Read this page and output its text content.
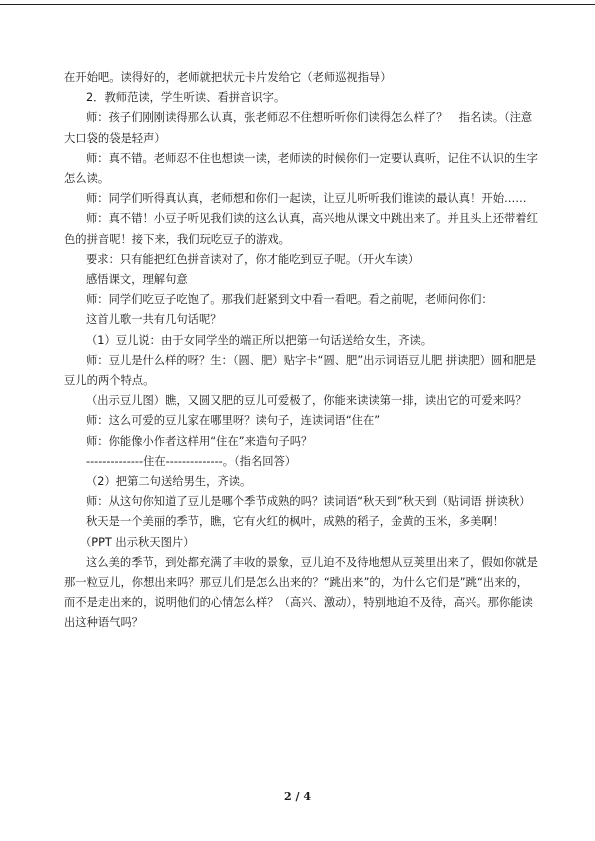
在开始吧。读得好的，老师就把状元卡片发给它（老师巡视指导）

2．教师范读，学生听读、看拼音识字。

师：孩子们刚刚读得那么认真，张老师忍不住想听听你们读得怎么样了？　指名读。（注意大口袋的袋是轻声）

师：真不错。老师忍不住也想读一读，老师读的时候你们一定要认真听，记住不认识的生字怎么读。

师：同学们听得真认真，老师想和你们一起读，让豆儿听听我们谁读的最认真！开始……

师：真不错！小豆子听见我们读的这么认真，高兴地从课文中跳出来了。并且头上还带着红色的拼音呢！接下来，我们玩吃豆子的游戏。

要求：只有能把红色拼音读对了，你才能吃到豆子呢。（开火车读）

感悟课文，理解句意

师：同学们吃豆子吃饱了。那我们赶紧到文中看一看吧。看之前呢，老师问你们：

这首儿歌一共有几句话呢？

（1）豆儿说：由于女同学坐的端正所以把第一句话送给女生，齐读。

师：豆儿是什么样的呀？生：（圆、肥）贴字卡“圆、肥”出示词语豆儿肥 拼读肥）圆和肥是豆儿的两个特点。

（出示豆儿图）瞧，又圆又肥的豆儿可爱极了，你能来读读第一排，读出它的可爱来吗？

师：这么可爱的豆儿家在哪里呀？读句子，连读词语“住在”

师：你能像小作者这样用“住在”来造句子吗？

--------------住在--------------。（指名回答）

（2）把第二句送给男生，齐读。

师：从这句你知道了豆儿是哪个季节成熟的吗？读词语“秋天到”秋天到（贴词语 拼读秋）

秋天是一个美丽的季节，瞧，它有火红的枫叶，成熟的稻子，金黄的玉米，多美啊！

（PPT 出示秋天图片）

这么美的季节，到处都充满了丰收的景象，豆儿迫不及待地想从豆荚里出来了，假如你就是那一粒豆儿，你想出来吗？那豆儿们是怎么出来的？“跳出来”的，为什么它们是”跳“出来的，而不是走出来的，说明他们的心情怎么样？（高兴、激动），特别地迫不及待，高兴。那你能读出这种语气吗？

2 / 4
